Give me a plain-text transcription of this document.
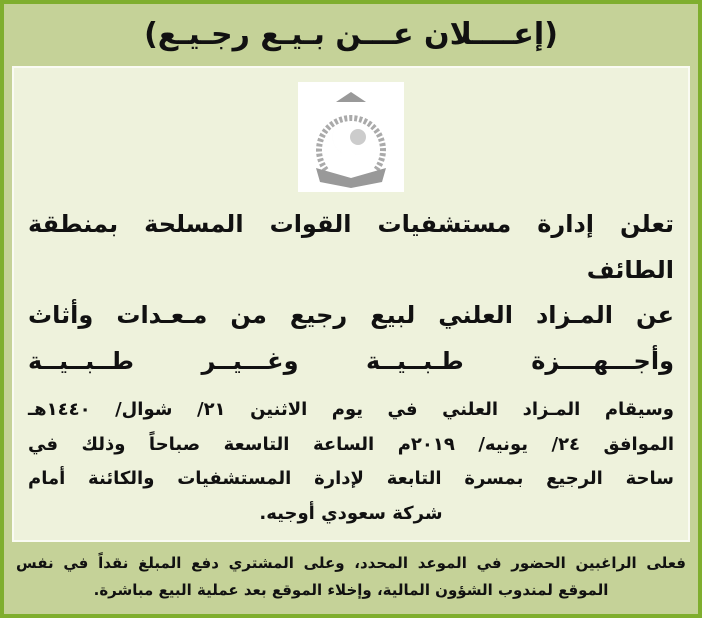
(إعــــلان عـــن بـيـع رجـيـع)
تعلن إدارة مستشفيات القوات المسلحة بمنطقة الطائف
عن المـزاد العلني لبيع رجيع من مـعـدات وأثاث
وأجـــهــــزة طـبــيــة وغـــيــر طــبــيــة
وسيقام المـزاد العلني في يوم الاثنين ٢١/ شوال/ ١٤٤٠هـ
الموافق ٢٤/ يونيه/ ٢٠١٩م الساعة التاسعة صباحاً وذلك في
ساحة الرجيع بمسرة التابعة لإدارة المستشفيات والكائنة أمام
شركة سعودي أوجيه.
فعلى الراغبين الحضور في الموعد المحدد، وعلى المشتري دفع المبلغ نقداً في نفس
الموقع لمندوب الشؤون المالية، وإخلاء الموقع بعد عملية البيع مباشرة.
